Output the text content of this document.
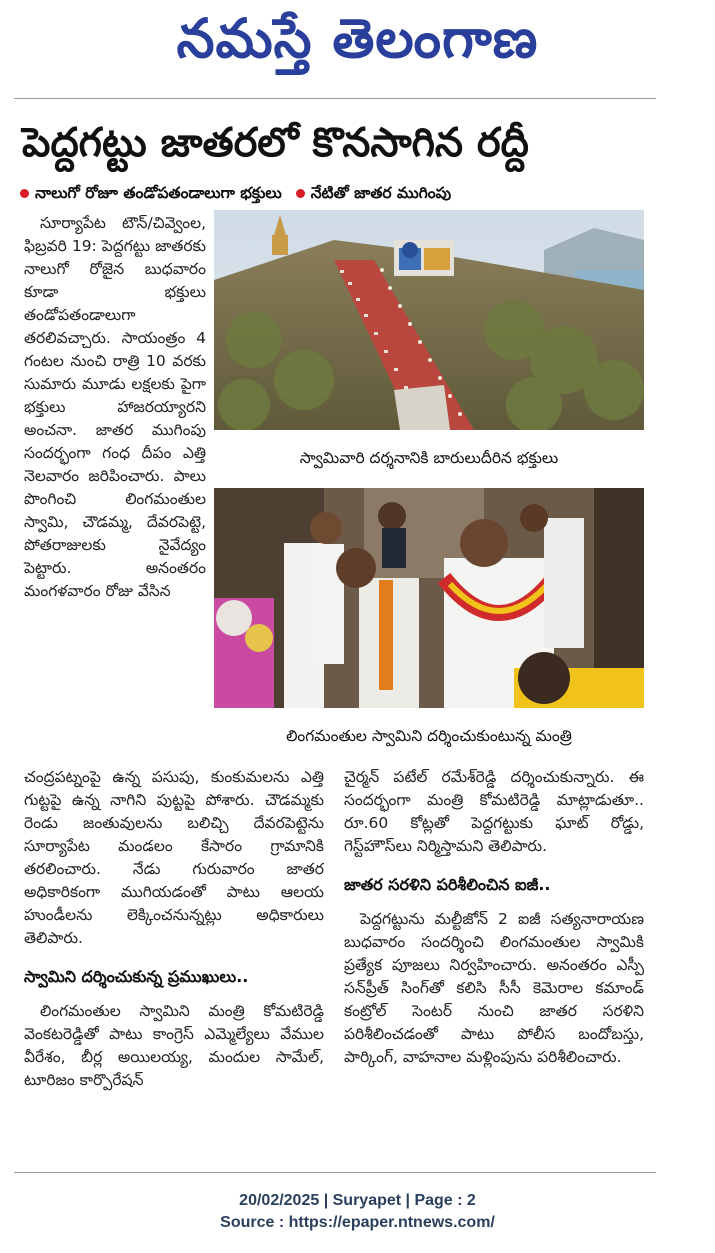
నమస్తే తెలంగాణ
పెద్దగట్టు జాతరలో కొనసాగిన రద్దీ
నాలుగో రోజూ తండోపతండాలుగా భక్తులు నేటితో జాతర ముగింపు

సూర్యాపేట టౌన్/చివ్వెంల, ఫిబ్రవరి 19: పెద్దగట్టు జాతరకు నాలుగో రోజైన బుధవారం కూడా భక్తులు తండోపతండాలుగా తరలివచ్చారు. సాయంత్రం 4 గంటల నుంచి రాత్రి 10 వరకు సుమారు మూడు లక్షలకు పైగా భక్తులు హాజరయ్యారని అంచనా. జాతర ముగింపు సందర్భంగా గంధ దీపం ఎత్తి నెలవారం జరిపించారు. పాలు పొంగించి లింగమంతుల స్వామి, చౌడమ్మ, దేవరపెట్టె, పోతరాజులకు నైవేద్యం పెట్టారు. అనంతరం మంగళవారం రోజు వేసిన

స్వామివారి దర్శనానికి బారులుదీరిన భక్తులు
లింగమంతుల స్వామిని దర్శించుకుంటున్న మంత్రి

చంద్రపట్నంపై ఉన్న పసుపు, కుంకుమలను ఎత్తి గుట్టపై ఉన్న నాగిని పుట్టపై పోశారు. చౌడమ్మకు రెండు జంతువులను బలిచ్చి దేవరపెట్టెను సూర్యాపేట మండలం కేసారం గ్రామానికి తరలించారు. నేడు గురువారం జాతర అధికారికంగా ముగియడంతో పాటు ఆలయ హుండీలను లెక్కించనున్నట్లు అధికారులు తెలిపారు.

స్వామిని దర్శించుకున్న ప్రముఖులు..

లింగమంతుల స్వామిని మంత్రి కోమటిరెడ్డి వెంకటరెడ్డితో పాటు కాంగ్రెస్ ఎమ్మెల్యేలు వేముల వీరేశం, బీర్ల అయిలయ్య, మందుల సామేల్, టూరిజం కార్పొరేషన్

చైర్మన్ పటేల్ రమేశ్‌రెడ్డి దర్శించుకున్నారు. ఈ సందర్భంగా మంత్రి కోమటిరెడ్డి మాట్లాడుతూ.. రూ.60 కోట్లతో పెద్దగట్టుకు ఘాట్ రోడ్డు, గెస్ట్‌హౌస్‌లు నిర్మిస్తామని తెలిపారు.

జాతర సరళిని పరిశీలించిన ఐజీ..

పెద్దగట్టును మల్టీజోన్ 2 ఐజీ సత్యనారాయణ బుధవారం సందర్శించి లింగమంతుల స్వామికి ప్రత్యేక పూజలు నిర్వహించారు. అనంతరం ఎస్పీ సన్‌ప్రీత్ సింగ్‌తో కలిసి సీసీ కెమెరాల కమాండ్ కంట్రోల్ సెంటర్ నుంచి జాతర సరళిని పరిశీలించడంతో పాటు పోలీస బందోబస్తు, పార్కింగ్, వాహనాల మళ్లింపును పరిశీలించారు.

20/02/2025 | Suryapet | Page : 2
Source : https://epaper.ntnews.com/
